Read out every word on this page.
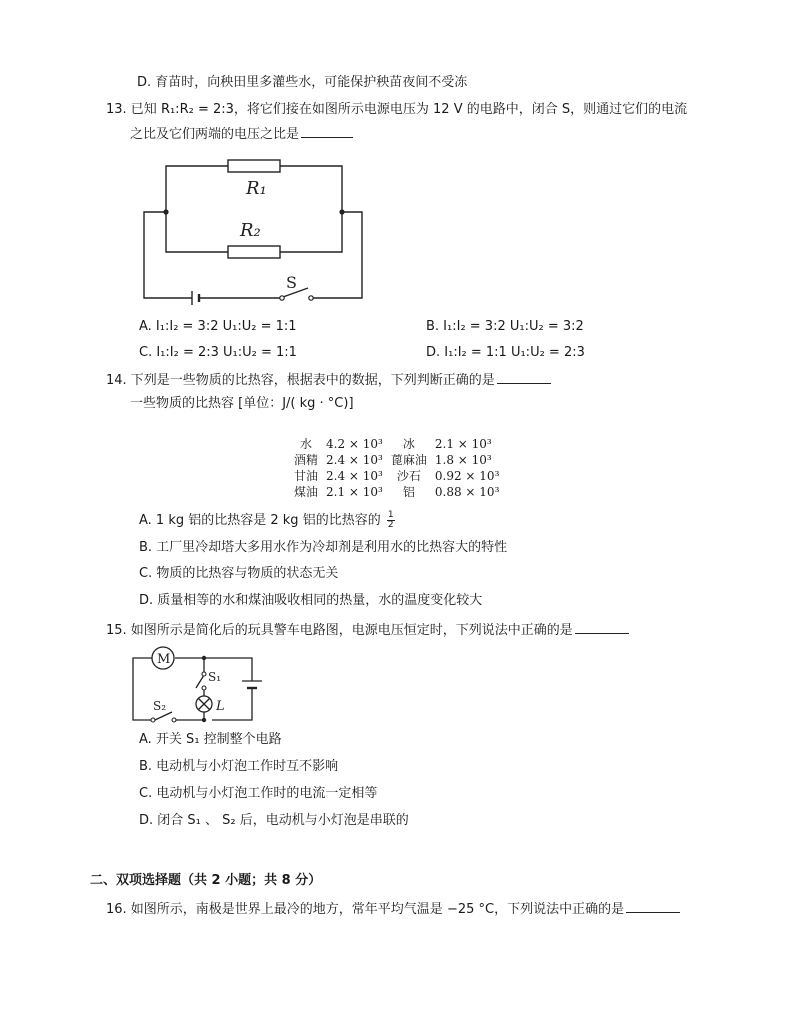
D. 育苗时，向秧田里多灌些水，可能保护秧苗夜间不受冻
13. 已知 R₁:R₂ = 2:3，将它们接在如图所示电源电压为 12 V 的电路中，闭合 S，则通过它们的电流
之比及它们两端的电压之比是
R₁
R₂
S
A. I₁:I₂ = 3:2 U₁:U₂ = 1:1	B. I₁:I₂ = 3:2 U₁:U₂ = 3:2
C. I₁:I₂ = 2:3 U₁:U₂ = 1:1	D. I₁:I₂ = 1:1 U₁:U₂ = 2:3
14. 下列是一些物质的比热容，根据表中的数据，下列判断正确的是
一些物质的比热容 [单位：J/( kg · °C)]
水	4.2 × 10³	冰	2.1 × 10³
酒精	2.4 × 10³	蓖麻油	1.8 × 10³
甘油	2.4 × 10³	沙石	0.92 × 10³
煤油	2.1 × 10³	铝	0.88 × 10³
A. 1 kg 铝的比热容是 2 kg 铝的比热容的 $\frac{1}{2}$
B. 工厂里冷却塔大多用水作为冷却剂是利用水的比热容大的特性
C. 物质的比热容与物质的状态无关
D. 质量相等的水和煤油吸收相同的热量，水的温度变化较大
15. 如图所示是简化后的玩具警车电路图，电源电压恒定时，下列说法中正确的是
M
S₁
S₂	L
A. 开关 S₁ 控制整个电路
B. 电动机与小灯泡工作时互不影响
C. 电动机与小灯泡工作时的电流一定相等
D. 闭合 S₁ 、 S₂ 后，电动机与小灯泡是串联的
二、双项选择题（共 2 小题；共 8 分）
16. 如图所示，南极是世界上最冷的地方，常年平均气温是 −25 °C，下列说法中正确的是
